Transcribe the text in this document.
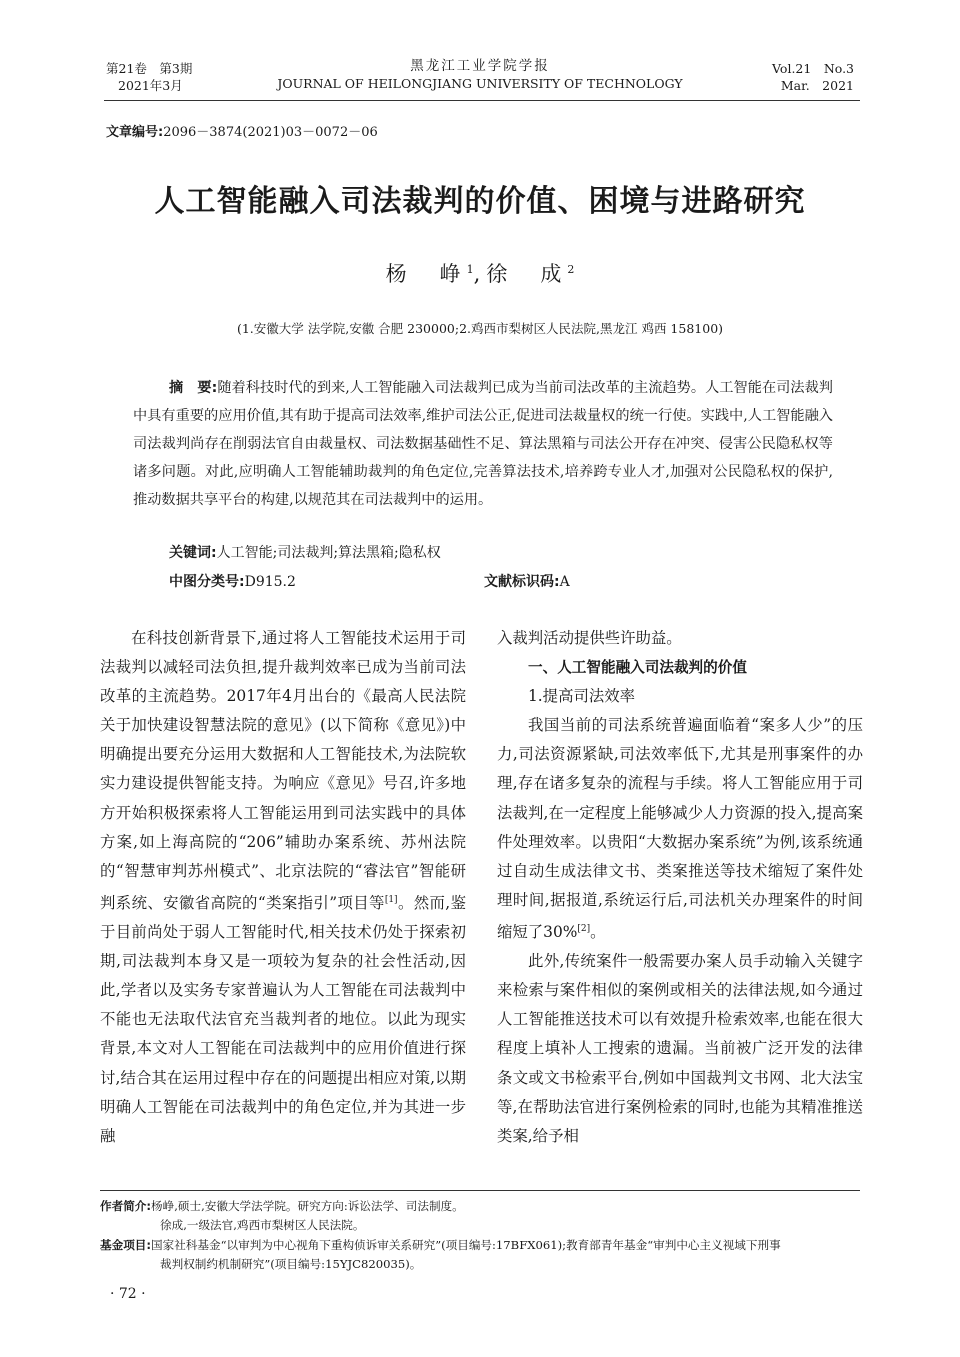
第21卷　第3期
2021年3月
黑龙江工业学院学报
JOURNAL OF HEILONGJIANG UNIVERSITY OF TECHNOLOGY
Vol.21　No.3
Mar.　2021
文章编号:2096－3874(2021)03－0072－06
人工智能融入司法裁判的价值、困境与进路研究
杨　峥$^1$,徐　成$^2$
(1.安徽大学 法学院,安徽 合肥 230000;2.鸡西市梨树区人民法院,黑龙江 鸡西 158100)
摘　要:随着科技时代的到来,人工智能融入司法裁判已成为当前司法改革的主流趋势。人工智能在司法裁判中具有重要的应用价值,其有助于提高司法效率,维护司法公正,促进司法裁量权的统一行使。实践中,人工智能融入司法裁判尚存在削弱法官自由裁量权、司法数据基础性不足、算法黑箱与司法公开存在冲突、侵害公民隐私权等诸多问题。对此,应明确人工智能辅助裁判的角色定位,完善算法技术,培养跨专业人才,加强对公民隐私权的保护,推动数据共享平台的构建,以规范其在司法裁判中的运用。
关键词:人工智能;司法裁判;算法黑箱;隐私权
中图分类号:D915.2	文献标识码:A

在科技创新背景下,通过将人工智能技术运用于司法裁判以减轻司法负担,提升裁判效率已成为当前司法改革的主流趋势。2017年4月出台的《最高人民法院关于加快建设智慧法院的意见》(以下简称《意见》)中明确提出要充分运用大数据和人工智能技术,为法院软实力建设提供智能支持。为响应《意见》号召,许多地方开始积极探索将人工智能运用到司法实践中的具体方案,如上海高院的“206”辅助办案系统、苏州法院的“智慧审判苏州模式”、北京法院的“睿法官”智能研判系统、安徽省高院的“类案指引”项目等[1]。然而,鉴于目前尚处于弱人工智能时代,相关技术仍处于探索初期,司法裁判本身又是一项较为复杂的社会性活动,因此,学者以及实务专家普遍认为人工智能在司法裁判中不能也无法取代法官充当裁判者的地位。以此为现实背景,本文对人工智能在司法裁判中的应用价值进行探讨,结合其在运用过程中存在的问题提出相应对策,以期明确人工智能在司法裁判中的角色定位,并为其进一步融

入裁判活动提供些许助益。

一、人工智能融入司法裁判的价值

1.提高司法效率

我国当前的司法系统普遍面临着“案多人少”的压力,司法资源紧缺,司法效率低下,尤其是刑事案件的办理,存在诸多复杂的流程与手续。将人工智能应用于司法裁判,在一定程度上能够减少人力资源的投入,提高案件处理效率。以贵阳“大数据办案系统”为例,该系统通过自动生成法律文书、类案推送等技术缩短了案件处理时间,据报道,系统运行后,司法机关办理案件的时间缩短了30%[2]。

此外,传统案件一般需要办案人员手动输入关键字来检索与案件相似的案例或相关的法律法规,如今通过人工智能推送技术可以有效提升检索效率,也能在很大程度上填补人工搜索的遗漏。当前被广泛开发的法律条文或文书检索平台,例如中国裁判文书网、北大法宝等,在帮助法官进行案例检索的同时,也能为其精准推送类案,给予相

作者简介:杨峥,硕士,安徽大学法学院。研究方向:诉讼法学、司法制度。
徐成,一级法官,鸡西市梨树区人民法院。
基金项目:国家社科基金“以审判为中心视角下重构侦诉审关系研究”(项目编号:17BFX061);教育部青年基金“审判中心主义视域下刑事
裁判权制约机制研究”(项目编号:15YJC820035)。
· 72 ·
